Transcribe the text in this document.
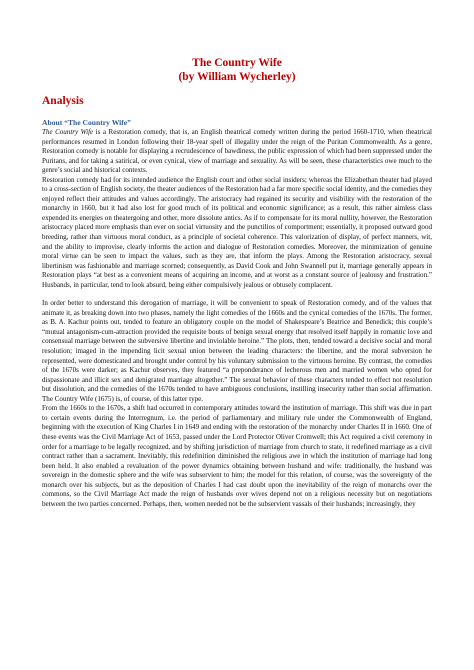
The Country Wife
(by William Wycherley)
Analysis
About “The Country Wife”

The Country Wife is a Restoration comedy, that is, an English theatrical comedy written during the period 1660-1710, when theatrical performances resumed in London following their 18-year spell of illegality under the reign of the Puritan Commonwealth. As a genre, Restoration comedy is notable for displaying a recrudescence of bawdiness, the public expression of which had been suppressed under the Puritans, and for taking a satirical, or even cynical, view of marriage and sexuality. As will be seen, these characteristics owe much to the genre’s social and historical contexts.

Restoration comedy had for its intended audience the English court and other social insiders; whereas the Elizabethan theater had played to a cross-section of English society, the theater audiences of the Restoration had a far more specific social identity, and the comedies they enjoyed reflect their attitudes and values accordingly. The aristocracy had regained its security and visibility with the restoration of the monarchy in 1660, but it had also lost for good much of its political and economic significance; as a result, this rather aimless class expended its energies on theatergoing and other, more dissolute antics. As if to compensate for its moral nullity, however, the Restoration aristocracy placed more emphasis than ever on social virtuosity and the punctilios of comportment; essentially, it proposed outward good breeding, rather than virtuous moral conduct, as a principle of societal coherence. This valorization of display, of perfect manners, wit, and the ability to improvise, clearly informs the action and dialogue of Restoration comedies. Moreover, the minimization of genuine moral virtue can be seen to impact the values, such as they are, that inform the plays. Among the Restoration aristocracy, sexual libertinism was fashionable and marriage scorned; consequently, as David Cook and John Swannell put it, marriage generally appears in Restoration plays “at best as a convenient means of acquiring an income, and at worst as a constant source of jealousy and frustration.” Husbands, in particular, tend to look absurd, being either compulsively jealous or obtusely complacent.

In order better to understand this derogation of marriage, it will be convenient to speak of Restoration comedy, and of the values that animate it, as breaking down into two phases, namely the light comedies of the 1660s and the cynical comedies of the 1670s. The former, as B. A. Kachur points out, tended to feature an obligatory couple on the model of Shakespeare’s Beatrice and Benedick; this couple’s “mutual antagonism-cum-attraction provided the requisite bouts of benign sexual energy that resolved itself happily in romantic love and consensual marriage between the subversive libertine and inviolable heroine.” The plots, then, tended toward a decisive social and moral resolution; imaged in the impending licit sexual union between the leading characters: the libertine, and the moral subversion he represented, were domesticated and brought under control by his voluntary submission to the virtuous heroine. By contrast, the comedies of the 1670s were darker; as Kachur observes, they featured “a preponderance of lecherous men and married women who opted for dispassionate and illicit sex and denigrated marriage altogether.” The sexual behavior of these characters tended to effect not resolution but dissolution, and the comedies of the 1670s tended to have ambiguous conclusions, instilling insecurity rather than social affirmation. The Country Wife (1675) is, of course, of this latter type.

From the 1660s to the 1670s, a shift had occurred in contemporary attitudes toward the institution of marriage. This shift was due in part to certain events during the Interregnum, i.e. the period of parliamentary and military rule under the Commonwealth of England, beginning with the execution of King Charles I in 1649 and ending with the restoration of the monarchy under Charles II in 1660. One of these events was the Civil Marriage Act of 1653, passed under the Lord Protector Oliver Cromwell; this Act required a civil ceremony in order for a marriage to be legally recognized, and by shifting jurisdiction of marriage from church to state, it redefined marriage as a civil contract rather than a sacrament. Inevitably, this redefinition diminished the religious awe in which the institution of marriage had long been held. It also enabled a revaluation of the power dynamics obtaining between husband and wife: traditionally, the husband was sovereign in the domestic sphere and the wife was subservient to him; the model for this relation, of course, was the sovereignty of the monarch over his subjects, but as the deposition of Charles I had cast doubt upon the inevitability of the reign of monarchs over the commons, so the Civil Marriage Act made the reign of husbands over wives depend not on a religious necessity but on negotiations between the two parties concerned. Perhaps, then, women needed not be the subservient vassals of their husbands; increasingly, they
